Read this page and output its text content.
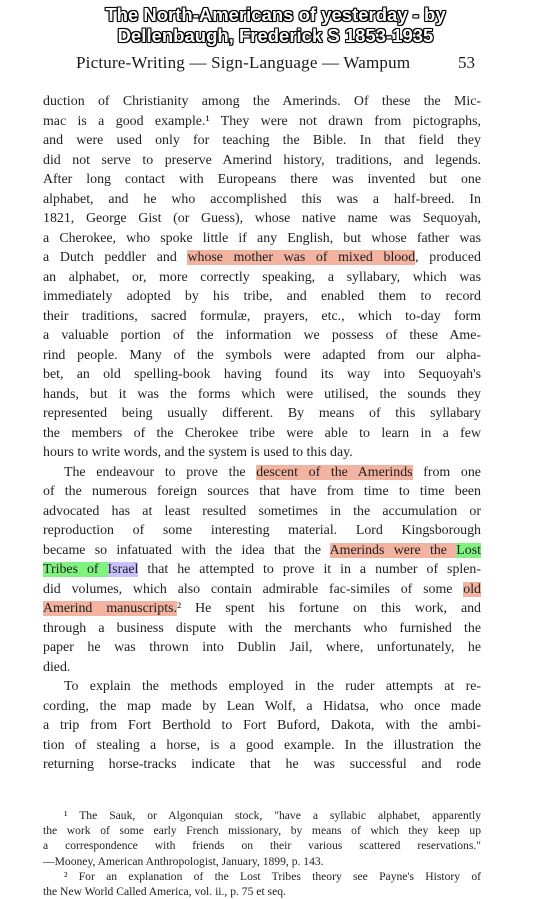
The North-Americans of yesterday - by
Dellenbaugh, Frederick S 1853-1935
Picture-Writing — Sign-Language — Wampum	53
duction of Christianity among the Amerinds. Of these the Mic-
mac is a good example.¹ They were not drawn from pictographs,
and were used only for teaching the Bible. In that field they
did not serve to preserve Amerind history, traditions, and legends.
After long contact with Europeans there was invented but one
alphabet, and he who accomplished this was a half-breed. In
1821, George Gist (or Guess), whose native name was Sequoyah,
a Cherokee, who spoke little if any English, but whose father was
a Dutch peddler and whose mother was of mixed blood, produced
an alphabet, or, more correctly speaking, a syllabary, which was
immediately adopted by his tribe, and enabled them to record
their traditions, sacred formulæ, prayers, etc., which to-day form
a valuable portion of the information we possess of these Ame-
rind people. Many of the symbols were adapted from our alpha-
bet, an old spelling-book having found its way into Sequoyah's
hands, but it was the forms which were utilised, the sounds they
represented being usually different. By means of this syllabary
the members of the Cherokee tribe were able to learn in a few
hours to write words, and the system is used to this day.
The endeavour to prove the descent of the Amerinds from one
of the numerous foreign sources that have from time to time been
advocated has at least resulted sometimes in the accumulation or
reproduction of some interesting material. Lord Kingsborough
became so infatuated with the idea that the Amerinds were the Lost
Tribes of Israel that he attempted to prove it in a number of splen-
did volumes, which also contain admirable fac-similes of some old
Amerind manuscripts.² He spent his fortune on this work, and
through a business dispute with the merchants who furnished the
paper he was thrown into Dublin Jail, where, unfortunately, he
died.
To explain the methods employed in the ruder attempts at re-
cording, the map made by Lean Wolf, a Hidatsa, who once made
a trip from Fort Berthold to Fort Buford, Dakota, with the ambi-
tion of stealing a horse, is a good example. In the illustration the
returning horse-tracks indicate that he was successful and rode
¹ The Sauk, or Algonquian stock, "have a syllabic alphabet, apparently
the work of some early French missionary, by means of which they keep up
a correspondence with friends on their various scattered reservations."
—Mooney, American Anthropologist, January, 1899, p. 143.
² For an explanation of the Lost Tribes theory see Payne's History of
the New World Called America, vol. ii., p. 75 et seq.
